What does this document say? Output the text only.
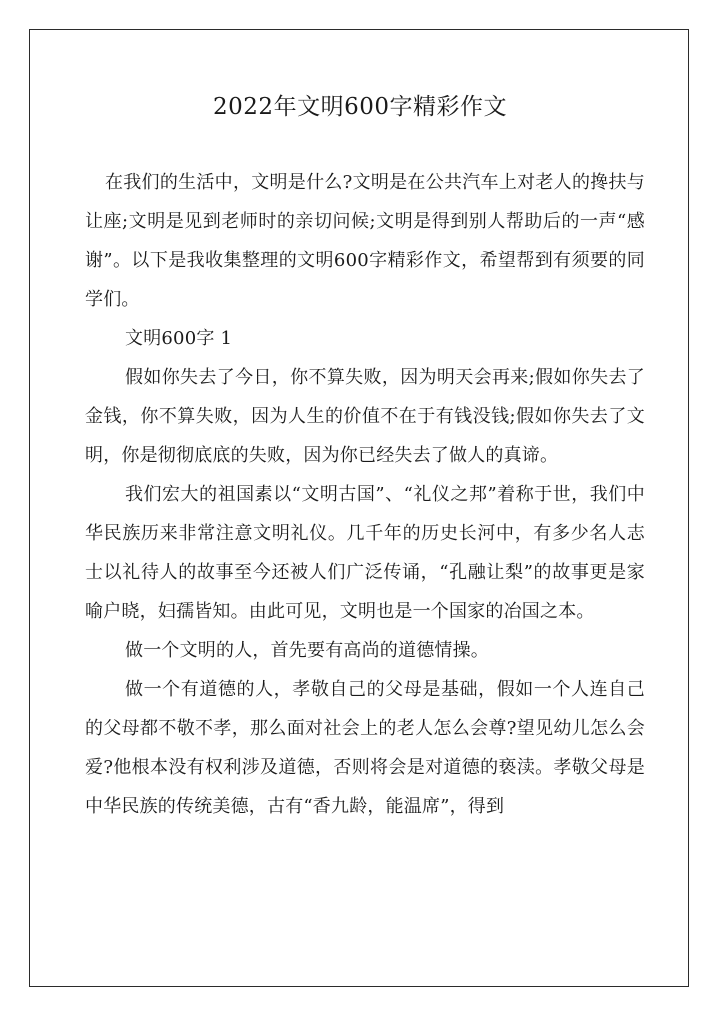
2022年文明600字精彩作文

在我们的生活中，文明是什么?文明是在公共汽车上对老人的搀扶与让座;文明是见到老师时的亲切问候;文明是得到别人帮助后的一声“感谢”。以下是我收集整理的文明600字精彩作文，希望帮到有须要的同学们。

文明600字 1

假如你失去了今日，你不算失败，因为明天会再来;假如你失去了金钱，你不算失败，因为人生的价值不在于有钱没钱;假如你失去了文明，你是彻彻底底的失败，因为你已经失去了做人的真谛。

我们宏大的祖国素以“文明古国”、“礼仪之邦”着称于世，我们中华民族历来非常注意文明礼仪。几千年的历史长河中，有多少名人志士以礼待人的故事至今还被人们广泛传诵，“孔融让梨”的故事更是家喻户晓，妇孺皆知。由此可见，文明也是一个国家的冶国之本。

做一个文明的人，首先要有高尚的道德情操。

做一个有道德的人，孝敬自己的父母是基础，假如一个人连自己的父母都不敬不孝，那么面对社会上的老人怎么会尊?望见幼儿怎么会爱?他根本没有权利涉及道德，否则将会是对道德的亵渎。孝敬父母是中华民族的传统美德，古有“香九龄，能温席”，得到
